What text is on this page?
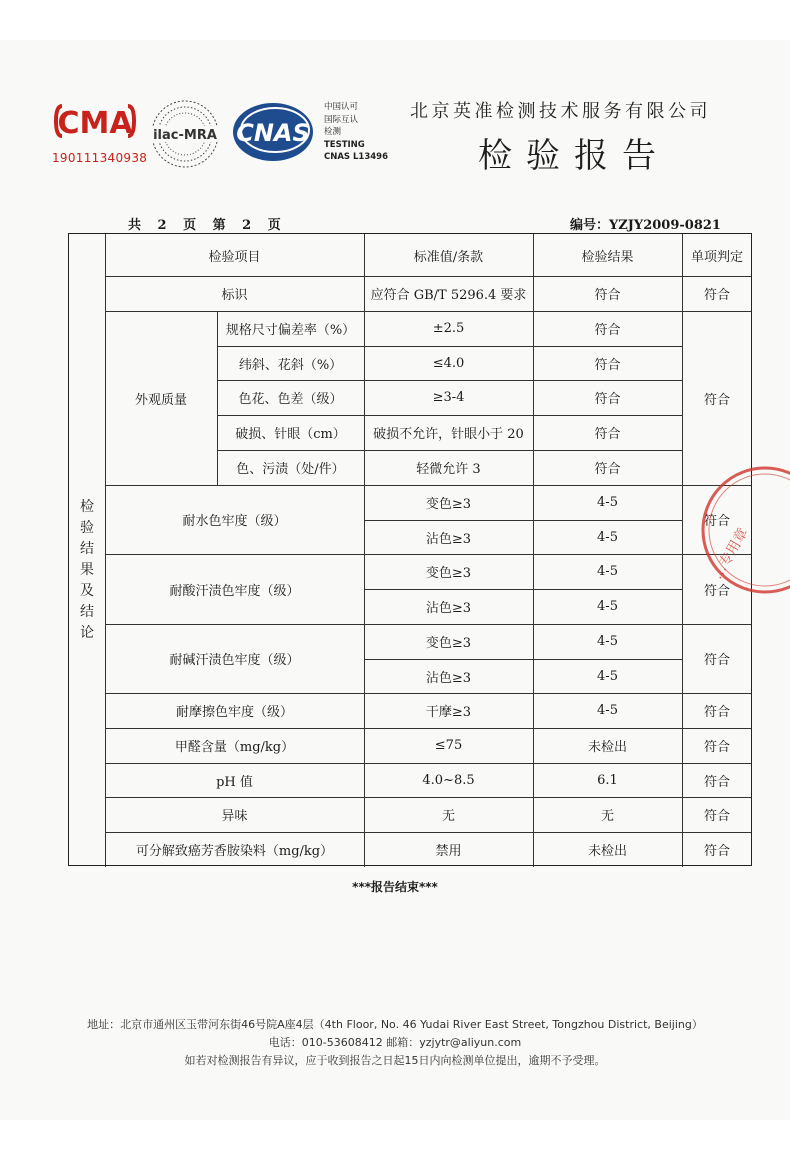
CMA
190111340938
ilac-MRA CNAS
中国认可
国际互认
检测
TESTING
CNAS L13496
北京英准检测技术服务有限公司
检验报告
共 2 页 第 2 页	编号：YZJY2009-0821
检
验
结
果
及
结
论
检验项目	标准值/条款	检验结果	单项判定
标识	应符合 GB/T 5296.4 要求	符合	符合
外观质量	符合
规格尺寸偏差率（%）	±2.5	符合
纬斜、花斜（%）	≤4.0	符合
色花、色差（级）	≥3-4	符合
破损、针眼（cm）	破损不允许，针眼小于 20	符合
色、污渍（处/件）	轻微允许 3	符合
耐水色牢度（级）
变色≥3	4-5
沾色≥3	4-5
符合
耐酸汗渍色牢度（级）
变色≥3	4-5
沾色≥3	4-5
符合
耐碱汗渍色牢度（级）
变色≥3	4-5
沾色≥3	4-5
符合
耐摩擦色牢度（级）	干摩≥3	4-5	符合
甲醛含量（mg/kg）	≤75	未检出	符合
pH 值	4.0~8.5	6.1	符合
异味	无	无	符合
可分解致癌芳香胺染料（mg/kg）	禁用	未检出	符合
…专用章
***报告结束***
地址：北京市通州区玉带河东街46号院A座4层（4th Floor, No. 46 Yudai River East Street, Tongzhou District, Beijing）
电话：010-53608412 邮箱：yzjytr@aliyun.com
如若对检测报告有异议，应于收到报告之日起15日内向检测单位提出，逾期不予受理。
